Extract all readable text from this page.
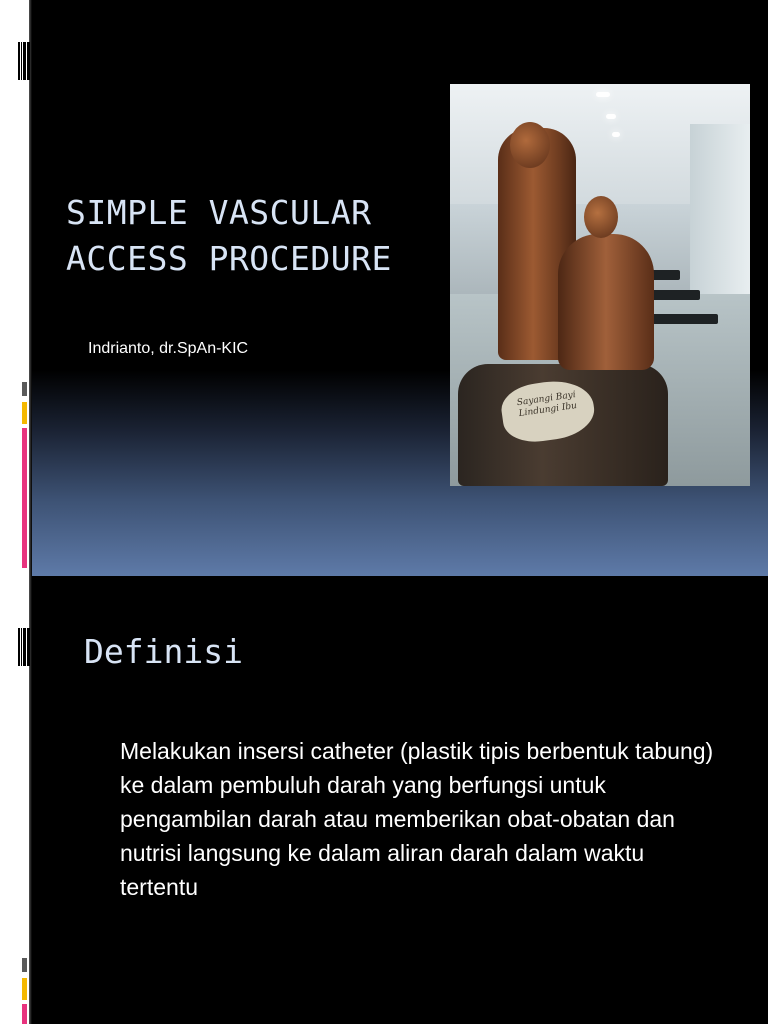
SIMPLE VASCULAR ACCESS PROCEDURE
Indrianto, dr.SpAn-KIC
Sayangi Bayi Lindungi Ibu
Definisi

Melakukan insersi catheter (plastik tipis berbentuk tabung) ke dalam pembuluh darah yang berfungsi untuk pengambilan darah atau memberikan obat-obatan dan nutrisi langsung ke dalam aliran darah dalam waktu tertentu
